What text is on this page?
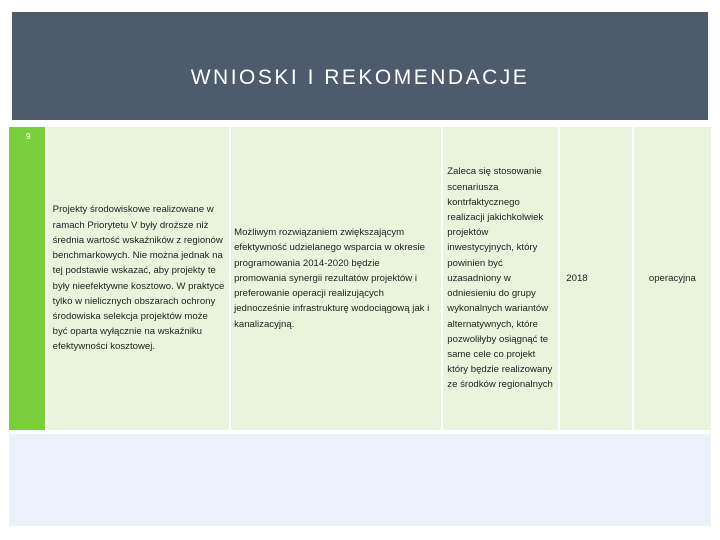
WNIOSKI I REKOMENDACJE
9
Projekty środowiskowe realizowane w ramach Priorytetu V były droższe niż średnia wartość wskaźników z regionów benchmarkowych. Nie można jednak na tej podstawie wskazać, aby projekty te były nieefektywne kosztowo. W praktyce tylko w nielicznych obszarach ochrony środowiska selekcja projektów może być oparta wyłącznie na wskaźniku efektywności kosztowej.
Możliwym rozwiązaniem zwiększającym efektywność udzielanego wsparcia w okresie programowania 2014-2020 będzie promowania synergii rezultatów projektów i preferowanie operacji realizujących jednocześnie infrastrukturę wodociągową jak i kanalizacyjną.
Zaleca się stosowanie scenariusza kontrfaktycznego realizacji jakichkolwiek projektów inwestycyjnych, który powinien być uzasadniony w odniesieniu do grupy wykonalnych wariantów alternatywnych, które pozwoliłyby osiągnąć te same cele co projekt który będzie realizowany ze środków regionalnych
2018	operacyjna
